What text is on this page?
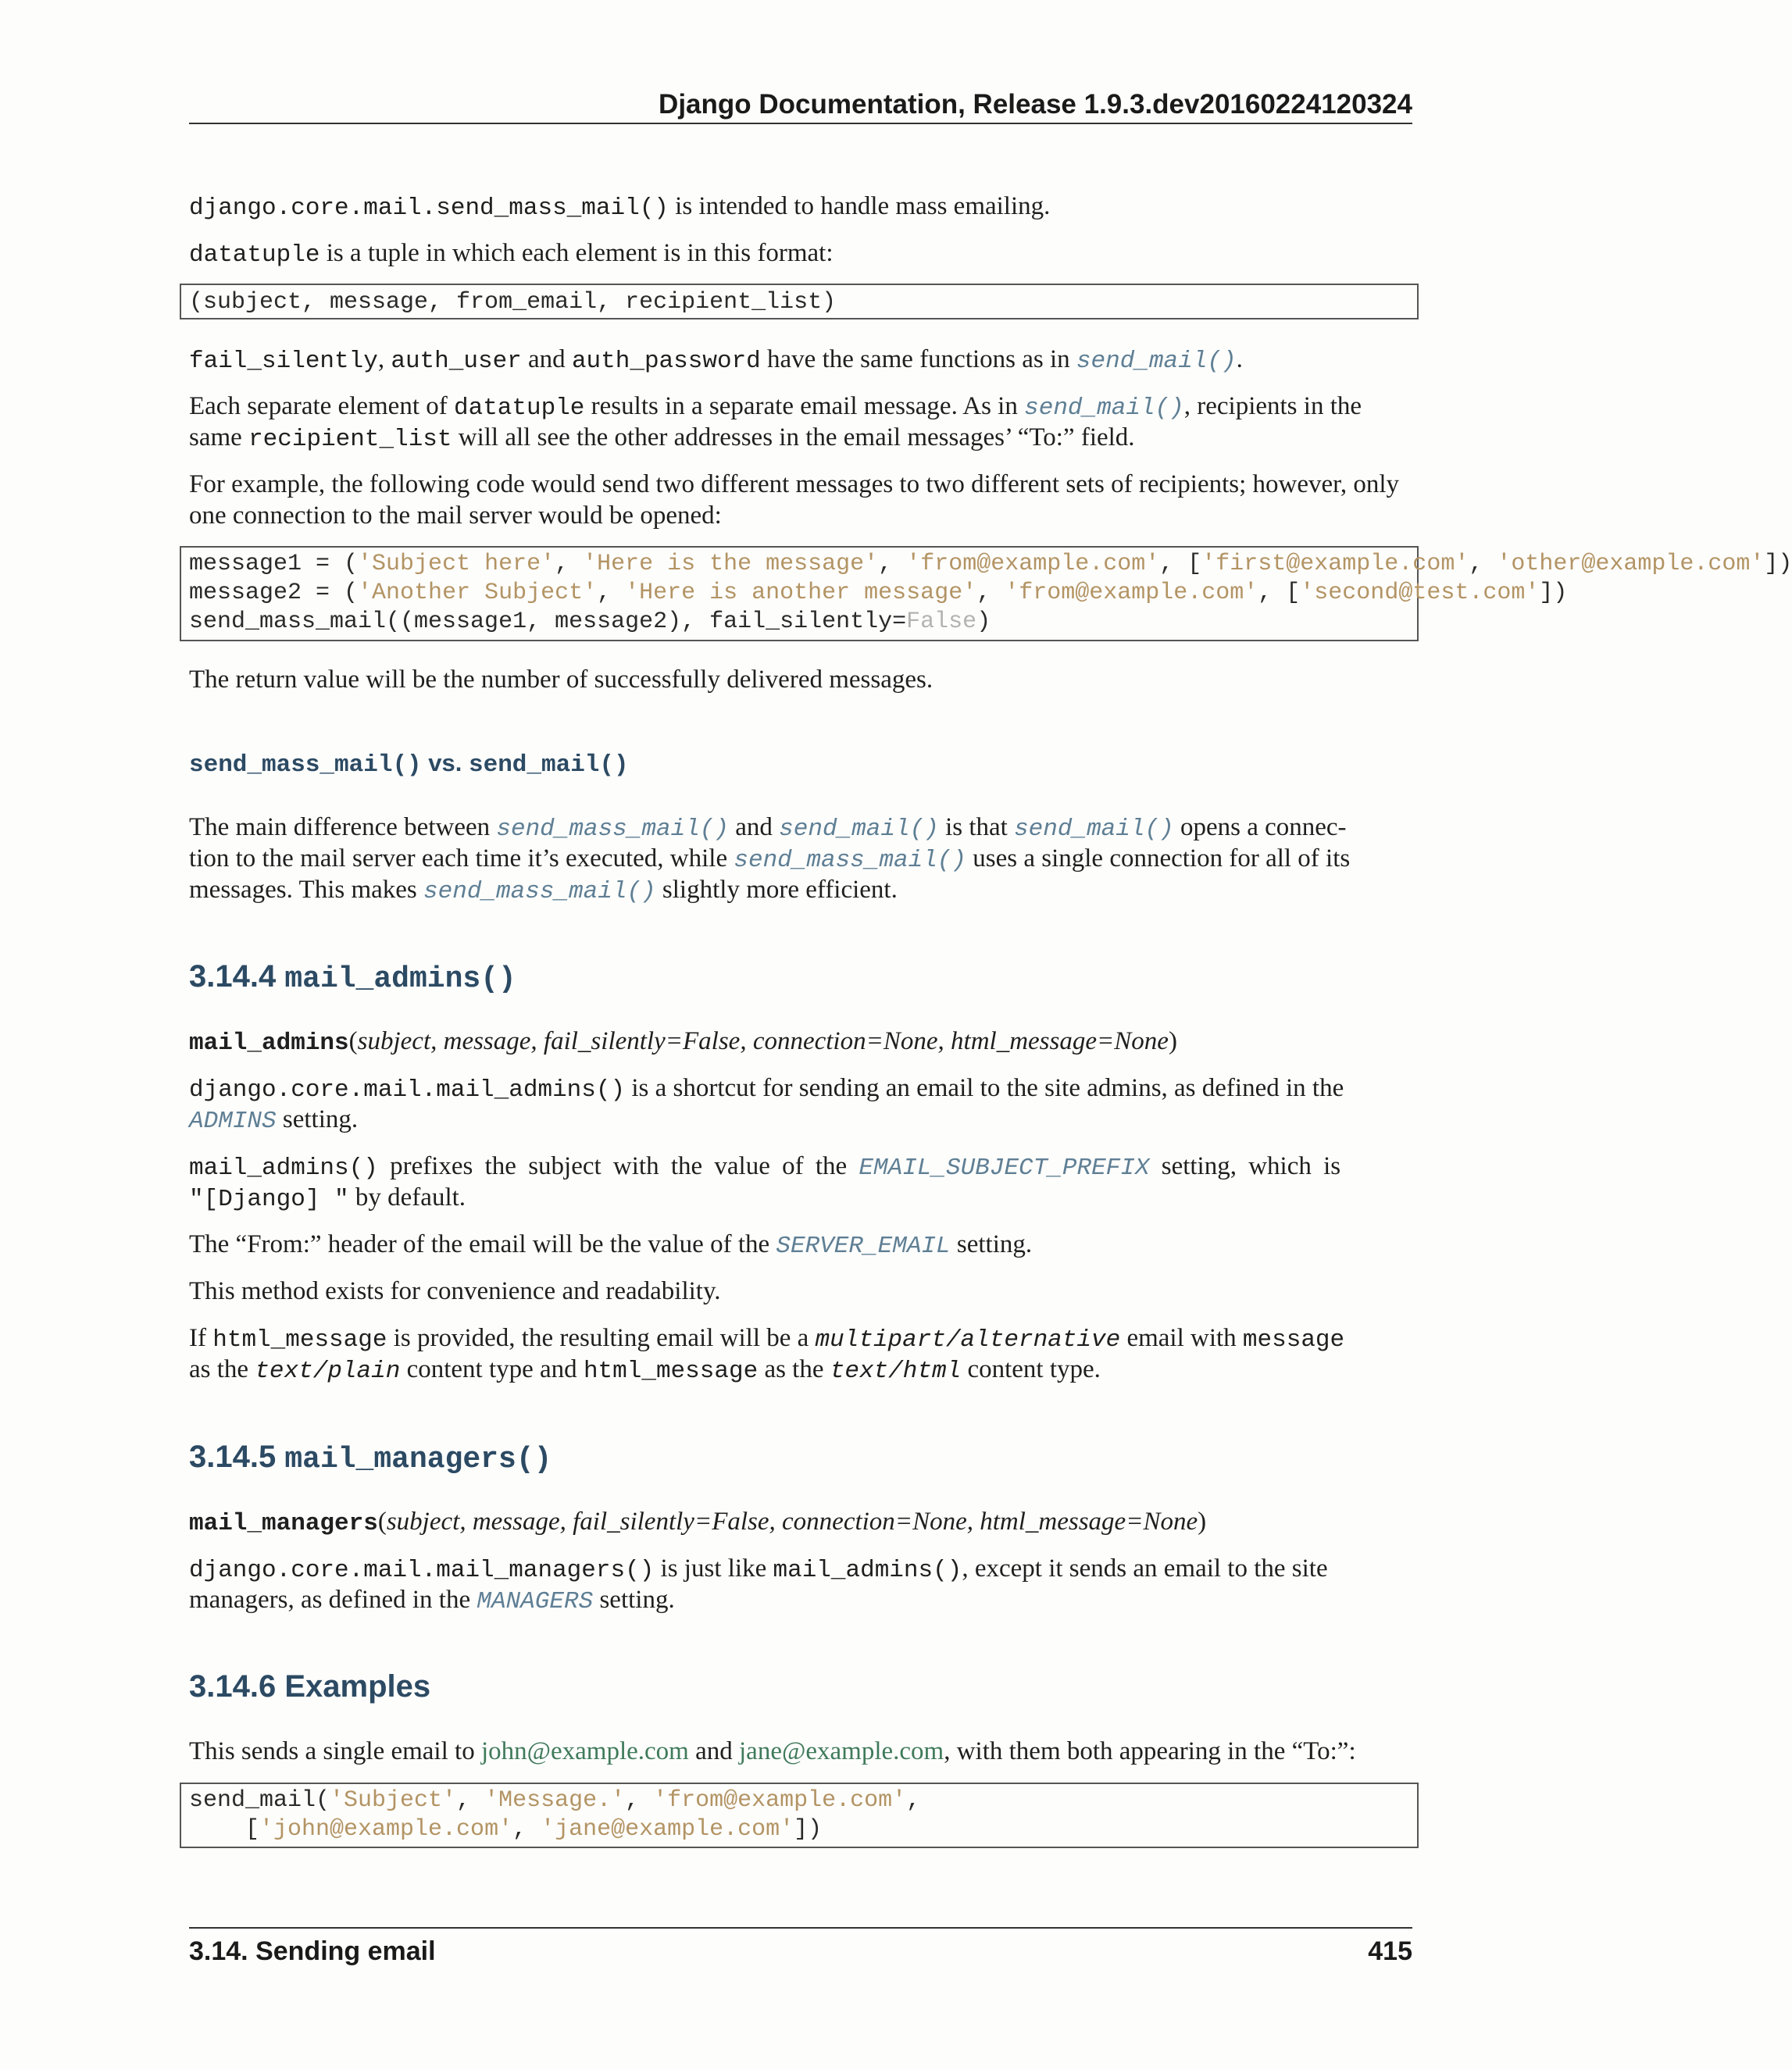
Django Documentation, Release 1.9.3.dev20160224120324
django.core.mail.send_mass_mail() is intended to handle mass emailing.
datatuple is a tuple in which each element is in this format:
(subject, message, from_email, recipient_list)
fail_silently, auth_user and auth_password have the same functions as in send_mail().
Each separate element of datatuple results in a separate email message. As in send_mail(), recipients in the
same recipient_list will all see the other addresses in the email messages’ “To:” field.
For example, the following code would send two different messages to two different sets of recipients; however, only
one connection to the mail server would be opened:
message1 = ('Subject here', 'Here is the message', 'from@example.com', ['first@example.com', 'other@example.com'])
message2 = ('Another Subject', 'Here is another message', 'from@example.com', ['second@test.com'])
send_mass_mail((message1, message2), fail_silently=False)
The return value will be the number of successfully delivered messages.
send_mass_mail() vs. send_mail()
The main difference between send_mass_mail() and send_mail() is that send_mail() opens a connec-
tion to the mail server each time it’s executed, while send_mass_mail() uses a single connection for all of its
messages. This makes send_mass_mail() slightly more efficient.
3.14.4 mail_admins()
mail_admins(subject, message, fail_silently=False, connection=None, html_message=None)
django.core.mail.mail_admins() is a shortcut for sending an email to the site admins, as defined in the
ADMINS setting.
mail_admins() prefixes the subject with the value of the EMAIL_SUBJECT_PREFIX setting, which is
"[Django] " by default.
The “From:” header of the email will be the value of the SERVER_EMAIL setting.
This method exists for convenience and readability.
If html_message is provided, the resulting email will be a multipart/alternative email with message
as the text/plain content type and html_message as the text/html content type.
3.14.5 mail_managers()
mail_managers(subject, message, fail_silently=False, connection=None, html_message=None)
django.core.mail.mail_managers() is just like mail_admins(), except it sends an email to the site
managers, as defined in the MANAGERS setting.
3.14.6 Examples
This sends a single email to john@example.com and jane@example.com, with them both appearing in the “To:”:
send_mail('Subject', 'Message.', 'from@example.com',
['john@example.com', 'jane@example.com'])
3.14. Sending email	415
